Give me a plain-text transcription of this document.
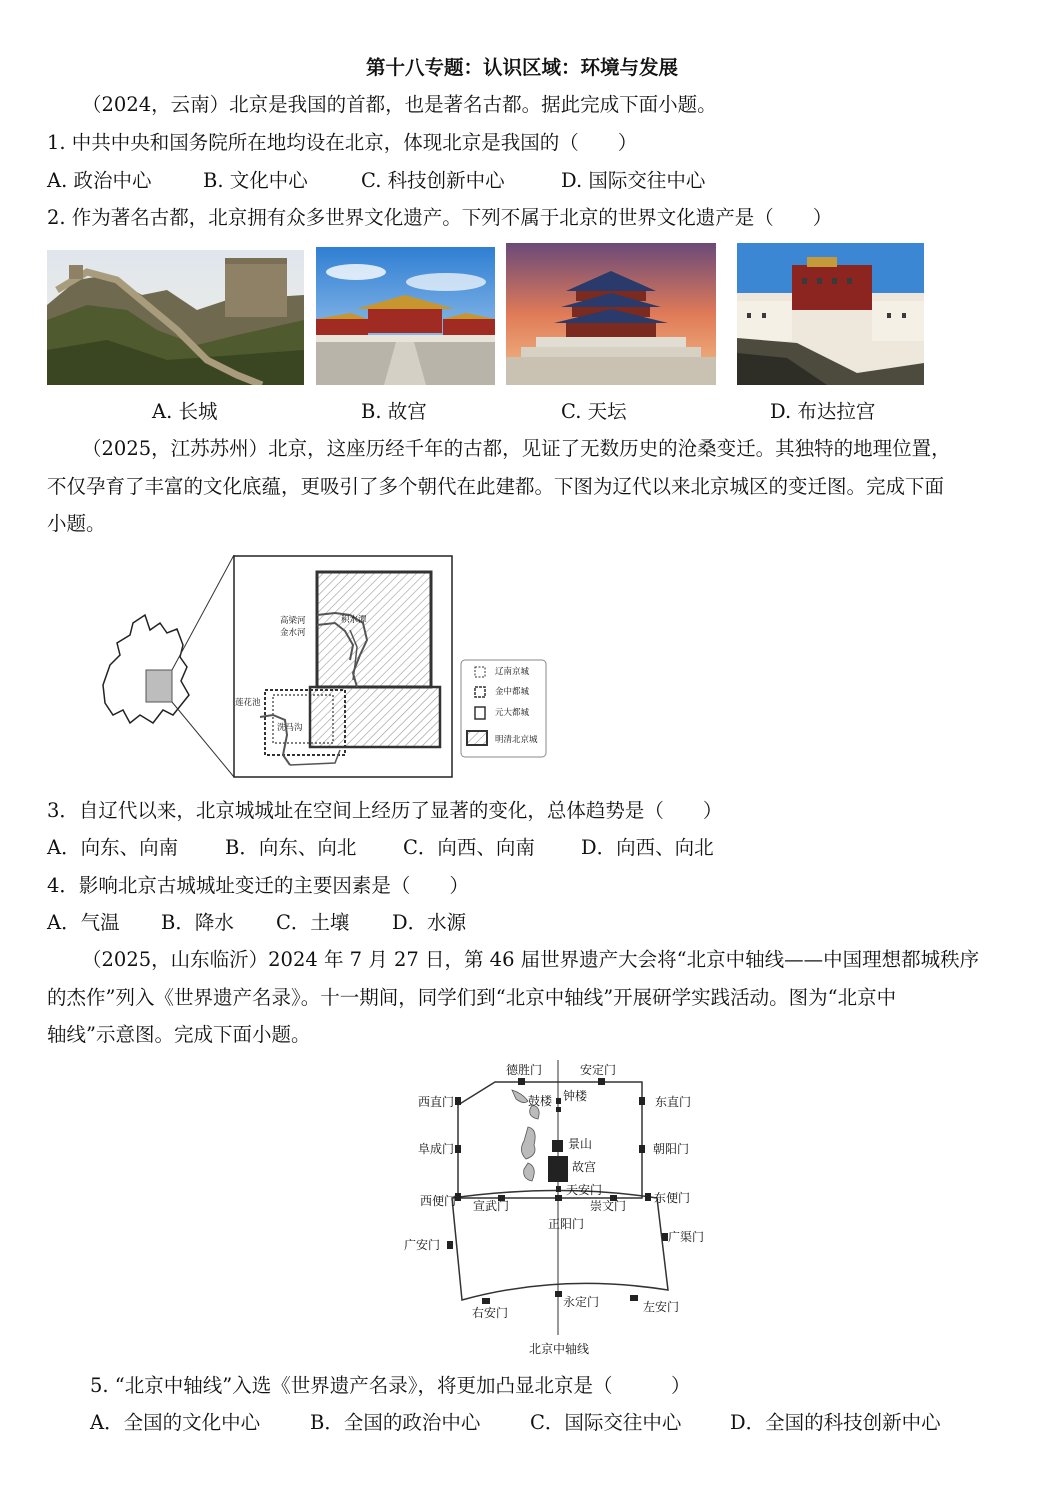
第十八专题：认识区域：环境与发展
（2024，云南）北京是我国的首都，也是著名古都。据此完成下面小题。
1. 中共中央和国务院所在地均设在北京，体现北京是我国的（　　）
A. 政治中心	B. 文化中心	C. 科技创新中心	D. 国际交往中心
2. 作为著名古都，北京拥有众多世界文化遗产。下列不属于北京的世界文化遗产是（　　）
A. 长城	B. 故宫	C. 天坛	D. 布达拉宫
（2025，江苏苏州）北京，这座历经千年的古都，见证了无数历史的沧桑变迁。其独特的地理位置，
不仅孕育了丰富的文化底蕴，更吸引了多个朝代在此建都。下图为辽代以来北京城区的变迁图。完成下面
小题。
高梁河
金水河
积水潭
莲花池
洗马沟
辽南京城
金中都城
元大都城
明清北京城
3．自辽代以来，北京城城址在空间上经历了显著的变化，总体趋势是（　　）
A．向东、向南 B．向东、向北 C．向西、向南 D．向西、向北
4．影响北京古城城址变迁的主要因素是（　　）
A．气温 B．降水 C．土壤 D．水源
（2025，山东临沂）2024 年 7 月 27 日，第 46 届世界遗产大会将“北京中轴线——中国理想都城秩序
的杰作”列入《世界遗产名录》。十一期间，同学们到“北京中轴线”开展研学实践活动。图为“北京中
轴线”示意图。完成下面小题。
德胜门	安定门
西直门	东直门
阜成门	朝阳门
西便门	东便门
宣武门	崇文门
正阳门
广安门
广渠门
右安门
永定门	左安门
钟楼
鼓楼
景山
故宫
天安门
北京中轴线
5. “北京中轴线”入选《世界遗产名录》，将更加凸显北京是（　　　）
A．全国的文化中心	B．全国的政治中心	C．国际交往中心 D．全国的科技创新中心
